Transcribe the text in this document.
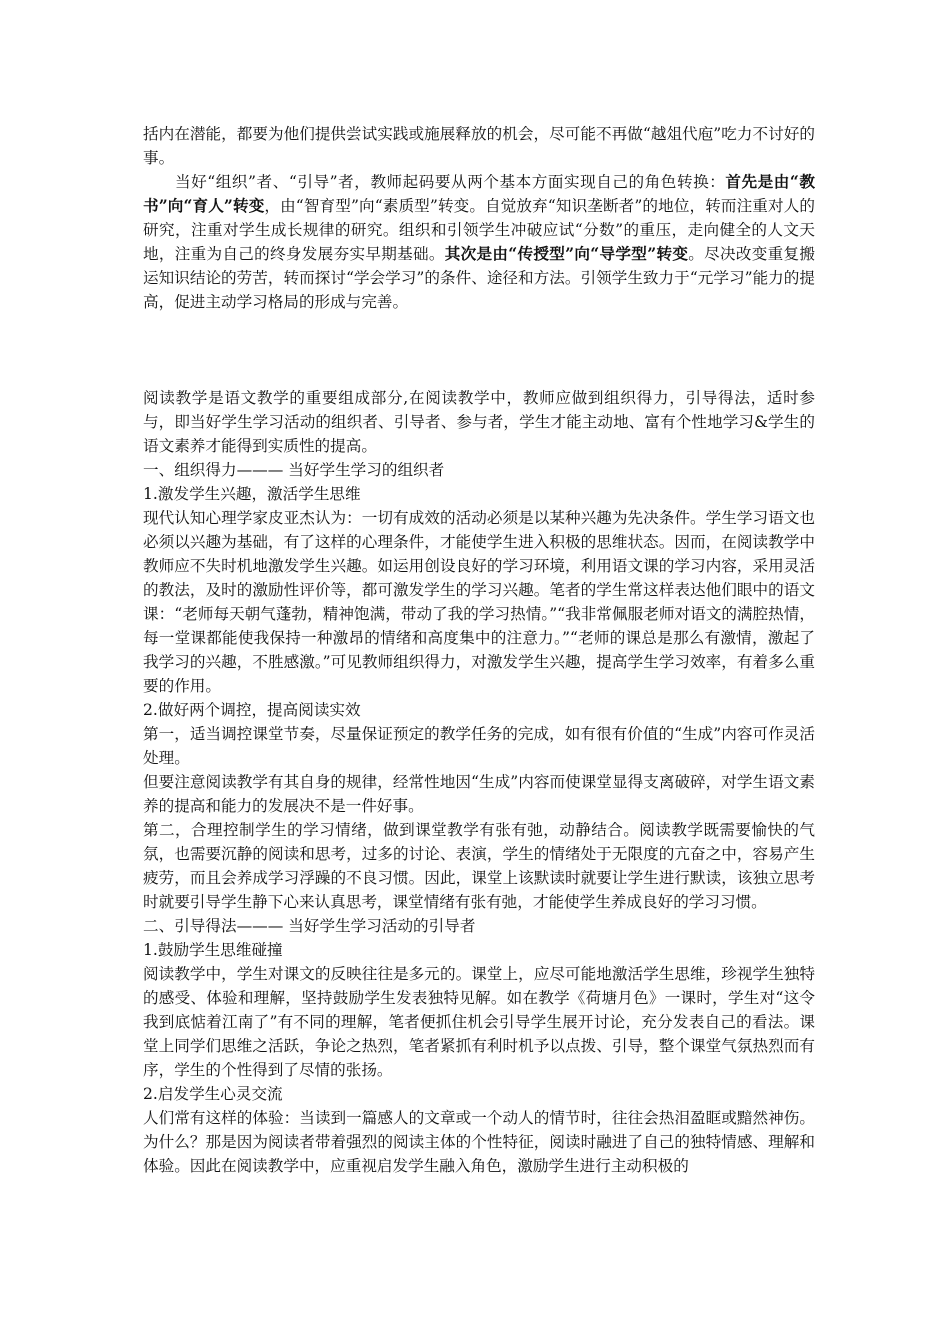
括内在潜能，都要为他们提供尝试实践或施展释放的机会，尽可能不再做“越俎代庖”吃力不讨好的事。

当好“组织”者、“引导”者，教师起码要从两个基本方面实现自己的角色转换：首先是由“教书”向“育人”转变，由“智育型”向“素质型”转变。自觉放弃“知识垄断者”的地位，转而注重对人的研究，注重对学生成长规律的研究。组织和引领学生冲破应试“分数”的重压，走向健全的人文天地，注重为自己的终身发展夯实早期基础。其次是由“传授型”向“导学型”转变。尽决改变重复搬运知识结论的劳苦，转而探讨“学会学习”的条件、途径和方法。引领学生致力于“元学习”能力的提高，促进主动学习格局的形成与完善。

阅读教学是语文教学的重要组成部分,在阅读教学中，教师应做到组织得力，引导得法，适时参与，即当好学生学习活动的组织者、引导者、参与者，学生才能主动地、富有个性地学习&学生的语文素养才能得到实质性的提高。

一、组织得力——— 当好学生学习的组织者

1.激发学生兴趣，激活学生思维

现代认知心理学家皮亚杰认为：一切有成效的活动必须是以某种兴趣为先决条件。学生学习语文也必须以兴趣为基础，有了这样的心理条件，才能使学生进入积极的思维状态。因而，在阅读教学中教师应不失时机地激发学生兴趣。如运用创设良好的学习环境，利用语文课的学习内容，采用灵活的教法，及时的激励性评价等，都可激发学生的学习兴趣。笔者的学生常这样表达他们眼中的语文课：“老师每天朝气蓬勃，精神饱满，带动了我的学习热情。”“我非常佩服老师对语文的满腔热情，每一堂课都能使我保持一种激昂的情绪和高度集中的注意力。”“老师的课总是那么有激情，激起了我学习的兴趣，不胜感激。”可见教师组织得力，对激发学生兴趣，提高学生学习效率，有着多么重要的作用。

2.做好两个调控，提高阅读实效

第一，适当调控课堂节奏，尽量保证预定的教学任务的完成，如有很有价值的“生成”内容可作灵活处理。

但要注意阅读教学有其自身的规律，经常性地因“生成”内容而使课堂显得支离破碎，对学生语文素养的提高和能力的发展决不是一件好事。

第二，合理控制学生的学习情绪，做到课堂教学有张有弛，动静结合。阅读教学既需要愉快的气氛，也需要沉静的阅读和思考，过多的讨论、表演，学生的情绪处于无限度的亢奋之中，容易产生疲劳，而且会养成学习浮躁的不良习惯。因此，课堂上该默读时就要让学生进行默读，该独立思考时就要引导学生静下心来认真思考，课堂情绪有张有弛，才能使学生养成良好的学习习惯。

二、引导得法——— 当好学生学习活动的引导者

1.鼓励学生思维碰撞

阅读教学中，学生对课文的反映往往是多元的。课堂上，应尽可能地激活学生思维，珍视学生独特的感受、体验和理解，坚持鼓励学生发表独特见解。如在教学《荷塘月色》一课时，学生对“这令我到底惦着江南了”有不同的理解，笔者便抓住机会引导学生展开讨论，充分发表自己的看法。课堂上同学们思维之活跃，争论之热烈，笔者紧抓有利时机予以点拨、引导，整个课堂气氛热烈而有序，学生的个性得到了尽情的张扬。

2.启发学生心灵交流

人们常有这样的体验：当读到一篇感人的文章或一个动人的情节时，往往会热泪盈眶或黯然神伤。为什么？那是因为阅读者带着强烈的阅读主体的个性特征，阅读时融进了自己的独特情感、理解和体验。因此在阅读教学中，应重视启发学生融入角色，激励学生进行主动积极的
